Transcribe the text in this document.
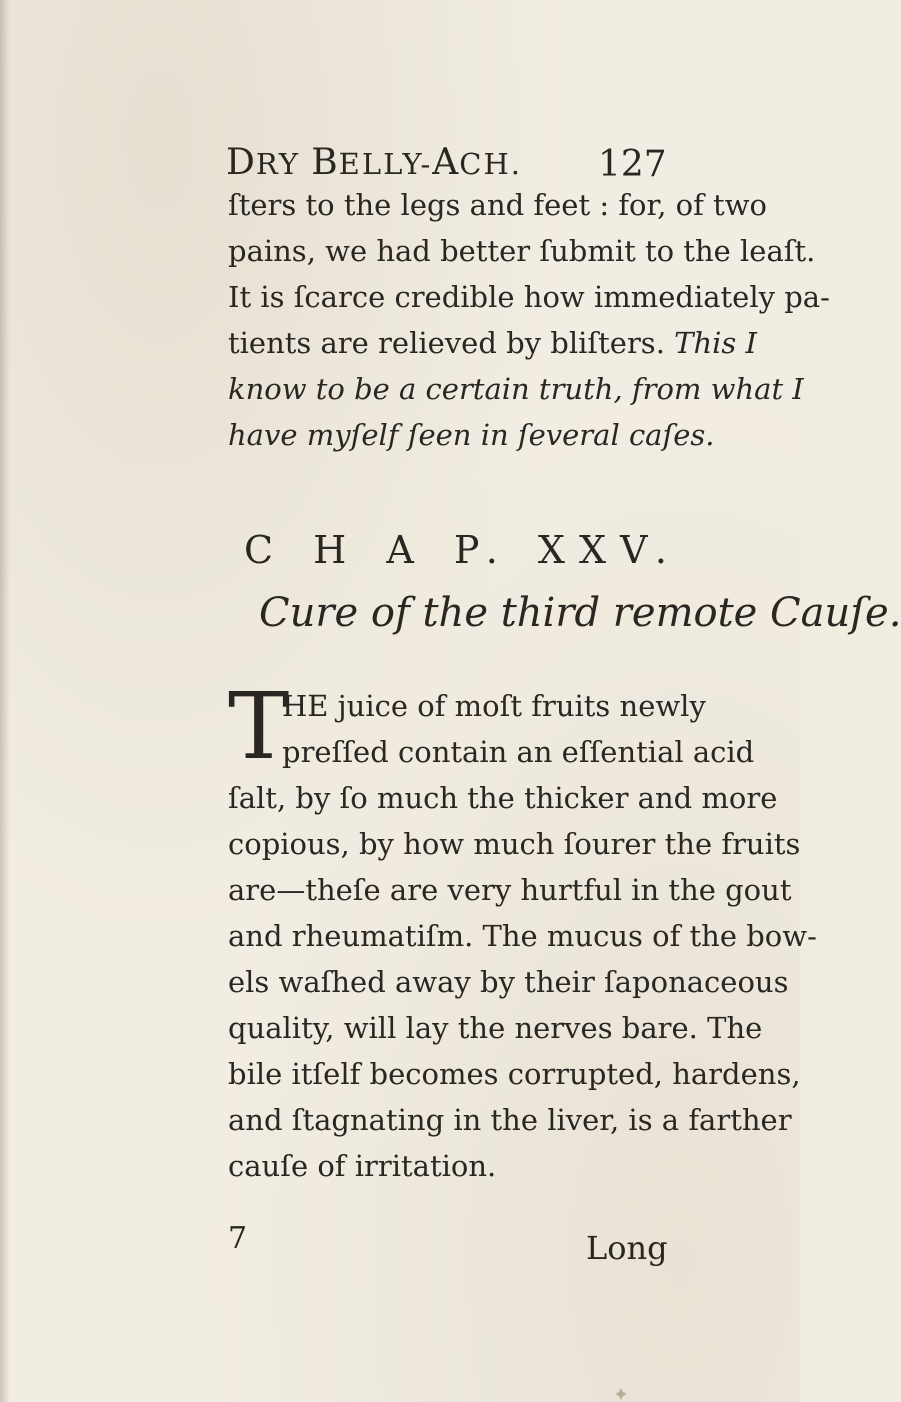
DRY BELLY-ACH. 127
ſters to the legs and feet : for, of two
pains, we had better ſubmit to the leaſt.
It is ſcarce credible how immediately pa-
tients are relieved by bliſters. This I
know to be a certain truth, from what I
have myſelf ſeen in ſeveral caſes.
C H A P. XXV.
Cure of the third remote Cauſe.
T
HE juice of moſt fruits newly
preſſed contain an eſſential acid
ſalt, by ſo much the thicker and more
copious, by how much ſourer the fruits
are—theſe are very hurtful in the gout
and rheumatiſm. The mucus of the bow-
els waſhed away by their ſaponaceous
quality, will lay the nerves bare. The
bile itſelf becomes corrupted, hardens,
and ſtagnating in the liver, is a farther
cauſe of irritation.
7	Long
